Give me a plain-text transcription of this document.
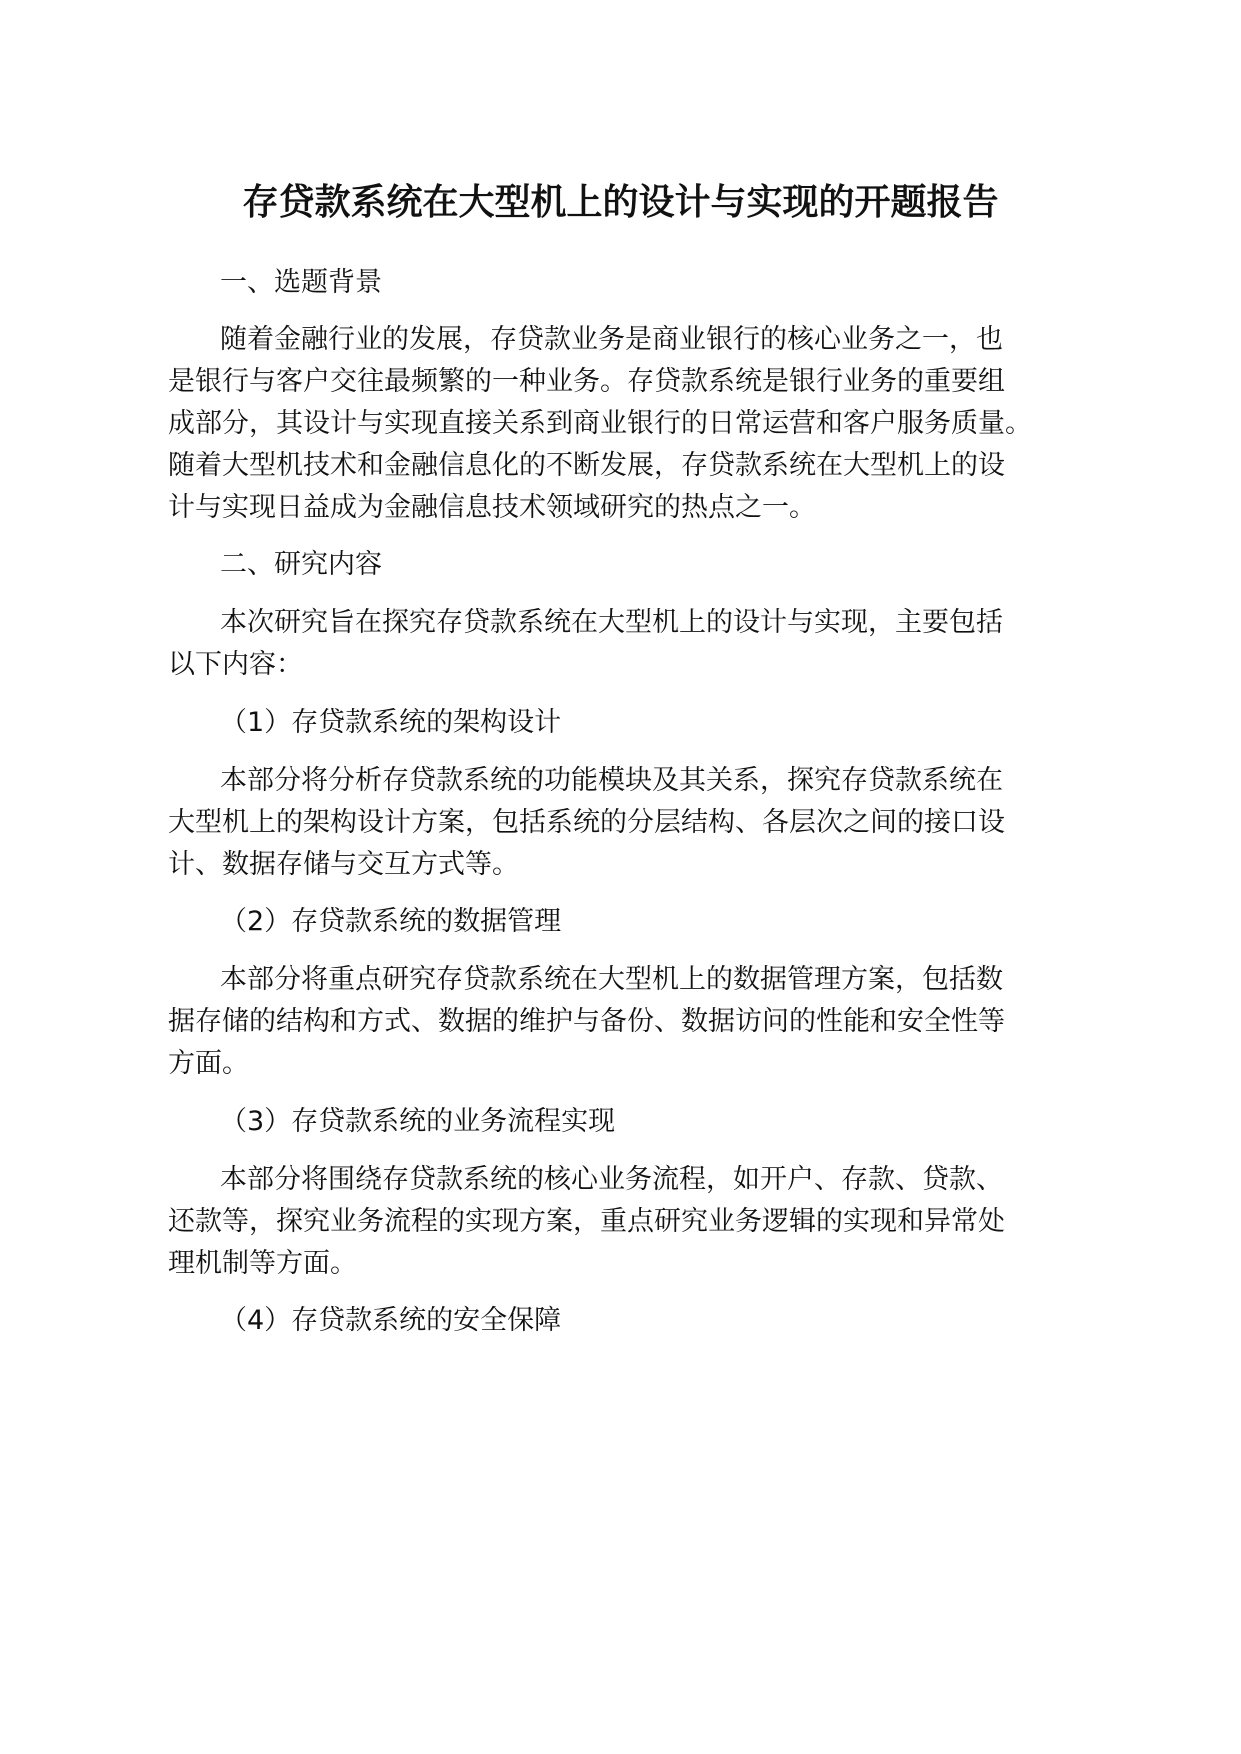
存贷款系统在大型机上的设计与实现的开题报告
一、选题背景
随着金融行业的发展，存贷款业务是商业银行的核心业务之一，也
是银行与客户交往最频繁的一种业务。存贷款系统是银行业务的重要组
成部分，其设计与实现直接关系到商业银行的日常运营和客户服务质量。
随着大型机技术和金融信息化的不断发展，存贷款系统在大型机上的设
计与实现日益成为金融信息技术领域研究的热点之一。
二、研究内容
本次研究旨在探究存贷款系统在大型机上的设计与实现，主要包括
以下内容：
（1）存贷款系统的架构设计
本部分将分析存贷款系统的功能模块及其关系，探究存贷款系统在
大型机上的架构设计方案，包括系统的分层结构、各层次之间的接口设
计、数据存储与交互方式等。
（2）存贷款系统的数据管理
本部分将重点研究存贷款系统在大型机上的数据管理方案，包括数
据存储的结构和方式、数据的维护与备份、数据访问的性能和安全性等
方面。
（3）存贷款系统的业务流程实现
本部分将围绕存贷款系统的核心业务流程，如开户、存款、贷款、
还款等，探究业务流程的实现方案，重点研究业务逻辑的实现和异常处
理机制等方面。
（4）存贷款系统的安全保障
